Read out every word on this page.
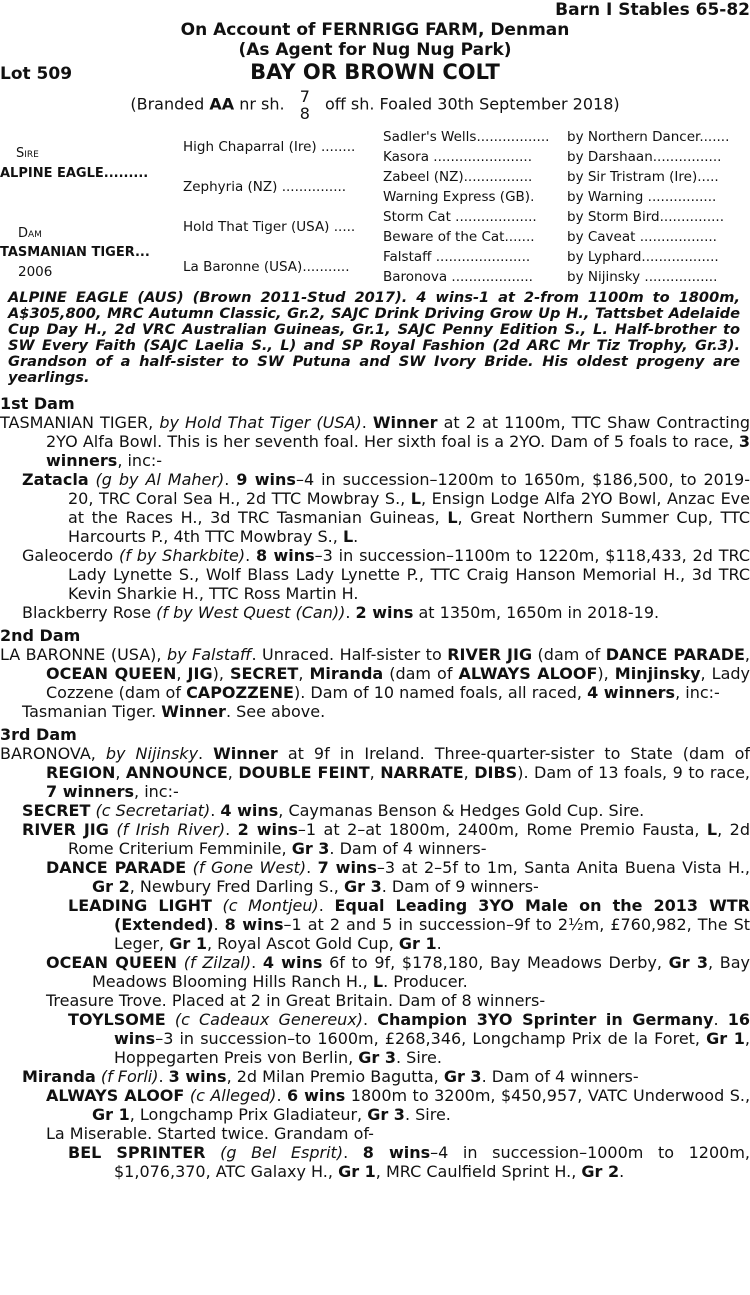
Barn I Stables 65-82
On Account of FERNRIGG FARM, Denman
(As Agent for Nug Nug Park)
Lot 509	BAY OR BROWN COLT
(Branded AA nr sh. 7
8 off sh. Foaled 30th September 2018)
Sire
ALPINE EAGLE.........
Dam
TASMANIAN TIGER...
2006
High Chaparral (Ire) ........
Zephyria (NZ) ...............
Hold That Tiger (USA) .....
La Baronne (USA)...........
Sadler's Wells.................
Kasora .......................
Zabeel (NZ)................
Warning Express (GB).
Storm Cat ...................
Beware of the Cat.......
Falstaff ......................
Baronova ...................
by Northern Dancer.......
by Darshaan................
by Sir Tristram (Ire).....
by Warning ................
by Storm Bird...............
by Caveat ..................
by Lyphard..................
by Nijinsky .................
ALPINE EAGLE (AUS) (Brown 2011-Stud 2017). 4 wins-1 at 2-from 1100m to 1800m, A$305,800, MRC Autumn Classic, Gr.2, SAJC Drink Driving Grow Up H., Tattsbet Adelaide Cup Day H., 2d VRC Australian Guineas, Gr.1, SAJC Penny Edition S., L. Half-brother to SW Every Faith (SAJC Laelia S., L) and SP Royal Fashion (2d ARC Mr Tiz Trophy, Gr.3). Grandson of a half-sister to SW Putuna and SW Ivory Bride. His oldest progeny are yearlings.
1st Dam
TASMANIAN TIGER, by Hold That Tiger (USA). Winner at 2 at 1100m, TTC Shaw Contracting 2YO Alfa Bowl. This is her seventh foal. Her sixth foal is a 2YO. Dam of 5 foals to race, 3 winners, inc:-
Zatacla (g by Al Maher). 9 wins–4 in succession–1200m to 1650m, $186,500, to 2019-20, TRC Coral Sea H., 2d TTC Mowbray S., L, Ensign Lodge Alfa 2YO Bowl, Anzac Eve at the Races H., 3d TRC Tasmanian Guineas, L, Great Northern Summer Cup, TTC Harcourts P., 4th TTC Mowbray S., L.
Galeocerdo (f by Sharkbite). 8 wins–3 in succession–1100m to 1220m, $118,433, 2d TRC Lady Lynette S., Wolf Blass Lady Lynette P., TTC Craig Hanson Memorial H., 3d TRC Kevin Sharkie H., TTC Ross Martin H.
Blackberry Rose (f by West Quest (Can)). 2 wins at 1350m, 1650m in 2018-19.
2nd Dam
LA BARONNE (USA), by Falstaff. Unraced. Half-sister to RIVER JIG (dam of DANCE PARADE, OCEAN QUEEN, JIG), SECRET, Miranda (dam of ALWAYS ALOOF), Minjinsky, Lady Cozzene (dam of CAPOZZENE). Dam of 10 named foals, all raced, 4 winners, inc:-
Tasmanian Tiger. Winner. See above.
3rd Dam
BARONOVA, by Nijinsky. Winner at 9f in Ireland. Three-quarter-sister to State (dam of REGION, ANNOUNCE, DOUBLE FEINT, NARRATE, DIBS). Dam of 13 foals, 9 to race, 7 winners, inc:-
SECRET (c Secretariat). 4 wins, Caymanas Benson & Hedges Gold Cup. Sire.
RIVER JIG (f Irish River). 2 wins–1 at 2–at 1800m, 2400m, Rome Premio Fausta, L, 2d Rome Criterium Femminile, Gr 3. Dam of 4 winners-
DANCE PARADE (f Gone West). 7 wins–3 at 2–5f to 1m, Santa Anita Buena Vista H., Gr 2, Newbury Fred Darling S., Gr 3. Dam of 9 winners-
LEADING LIGHT (c Montjeu). Equal Leading 3YO Male on the 2013 WTR (Extended). 8 wins–1 at 2 and 5 in succession–9f to 2½m, £760,982, The St Leger, Gr 1, Royal Ascot Gold Cup, Gr 1.
OCEAN QUEEN (f Zilzal). 4 wins 6f to 9f, $178,180, Bay Meadows Derby, Gr 3, Bay Meadows Blooming Hills Ranch H., L. Producer.
Treasure Trove. Placed at 2 in Great Britain. Dam of 8 winners-
TOYLSOME (c Cadeaux Genereux). Champion 3YO Sprinter in Germany. 16 wins–3 in succession–to 1600m, £268,346, Longchamp Prix de la Foret, Gr 1, Hoppegarten Preis von Berlin, Gr 3. Sire.
Miranda (f Forli). 3 wins, 2d Milan Premio Bagutta, Gr 3. Dam of 4 winners-
ALWAYS ALOOF (c Alleged). 6 wins 1800m to 3200m, $450,957, VATC Underwood S., Gr 1, Longchamp Prix Gladiateur, Gr 3. Sire.
La Miserable. Started twice. Grandam of-
BEL SPRINTER (g Bel Esprit). 8 wins–4 in succession–1000m to 1200m, $1,076,370, ATC Galaxy H., Gr 1, MRC Caulfield Sprint H., Gr 2.
